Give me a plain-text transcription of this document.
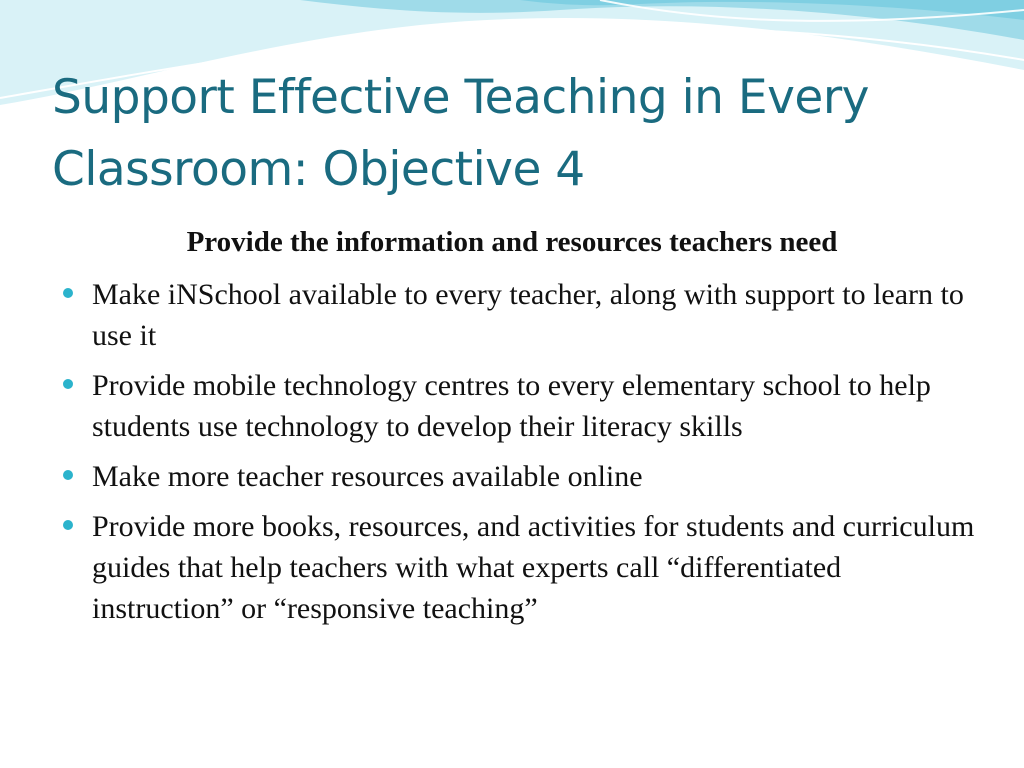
Support Effective Teaching in Every Classroom: Objective 4
Provide the information and resources teachers need
Make iNSchool available to every teacher, along with support to learn to use it
Provide mobile technology centres to every elementary school to help students use technology to develop their literacy skills
Make more teacher resources available online
Provide more books, resources, and activities for students and curriculum guides that help teachers with what experts call “differentiated instruction” or “responsive teaching”
